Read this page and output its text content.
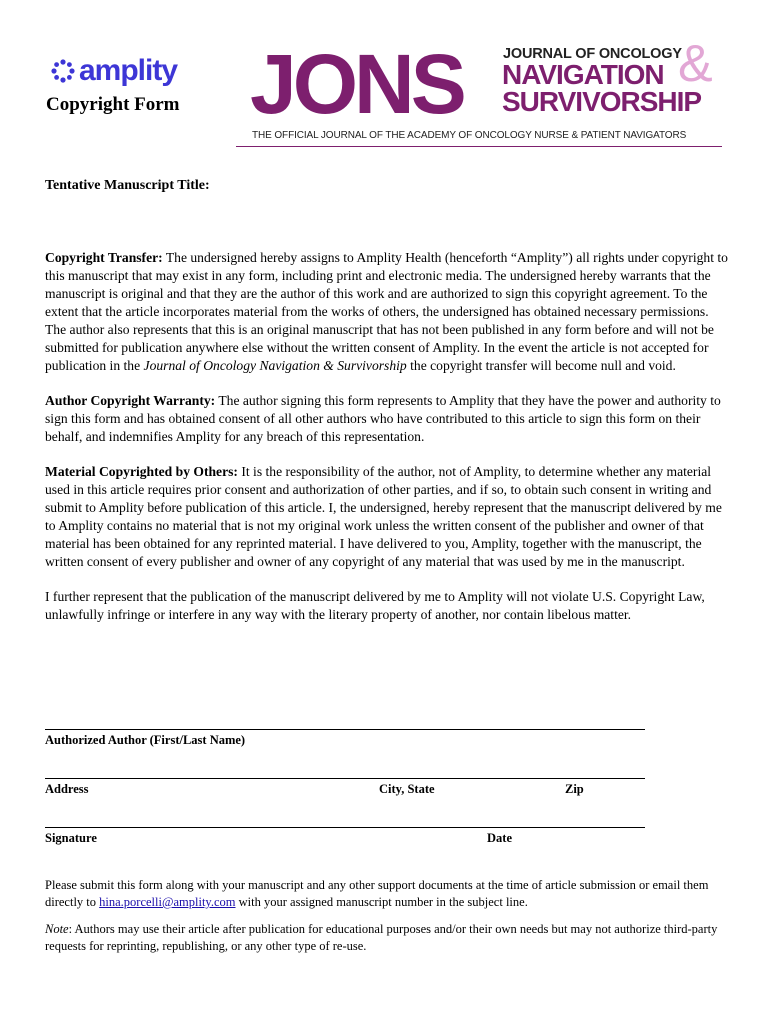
amplity
Copyright Form JONS	JOURNAL OF ONCOLOGY
NAVIGATION
SURVIVORSHIP
&
THE OFFICIAL JOURNAL OF THE ACADEMY OF ONCOLOGY NURSE & PATIENT NAVIGATORS
Tentative Manuscript Title:

Copyright Transfer: The undersigned hereby assigns to Amplity Health (henceforth “Amplity”) all rights under copyright to this manuscript that may exist in any form, including print and electronic media. The undersigned hereby warrants that the manuscript is original and that they are the author of this work and are authorized to sign this copyright agreement. To the extent that the article incorporates material from the works of others, the undersigned has obtained necessary permissions. The author also represents that this is an original manuscript that has not been published in any form before and will not be submitted for publication anywhere else without the written consent of Amplity. In the event the article is not accepted for publication in the Journal of Oncology Navigation & Survivorship the copyright transfer will become null and void.

Author Copyright Warranty: The author signing this form represents to Amplity that they have the power and authority to sign this form and has obtained consent of all other authors who have contributed to this article to sign this form on their behalf, and indemnifies Amplity for any breach of this representation.

Material Copyrighted by Others: It is the responsibility of the author, not of Amplity, to determine whether any material used in this article requires prior consent and authorization of other parties, and if so, to obtain such consent in writing and submit to Amplity before publication of this article. I, the undersigned, hereby represent that the manuscript delivered by me to Amplity contains no material that is not my original work unless the written consent of the publisher and owner of that material has been obtained for any reprinted material. I have delivered to you, Amplity, together with the manuscript, the written consent of every publisher and owner of any copyright of any material that was used by me in the manuscript.

I further represent that the publication of the manuscript delivered by me to Amplity will not violate U.S. Copyright Law, unlawfully infringe or interfere in any way with the literary property of another, nor contain libelous matter.

Authorized Author (First/Last Name)
Address	City, State	Zip
Signature	Date

Please submit this form along with your manuscript and any other support documents at the time of article submission or email them directly to hina.porcelli@amplity.com with your assigned manuscript number in the subject line.

Note: Authors may use their article after publication for educational purposes and/or their own needs but may not authorize third-party requests for reprinting, republishing, or any other type of re-use.
